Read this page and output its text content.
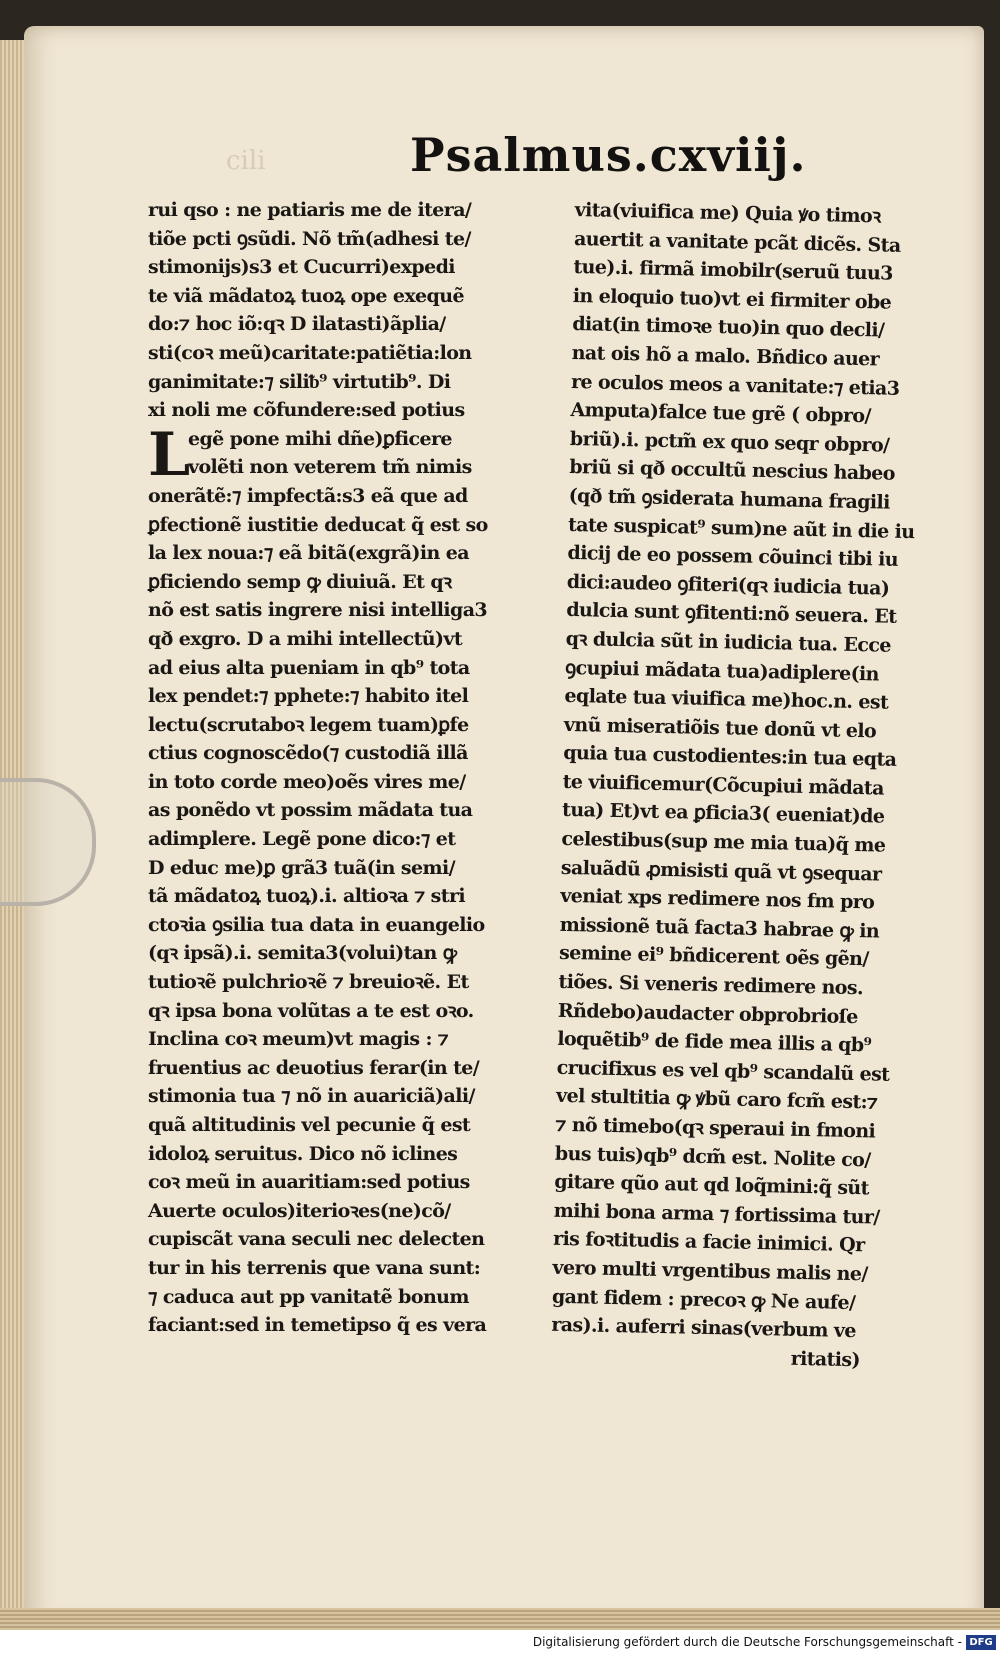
cili	Psalmus.cxviij.
rui qso : ne patiaris me de itera/
tiõe pcti ꝯsũdi. Nõ tm̃(adhesi te/
stimonijs)s3 et Cucurri)expedi
te viã mãdatoꝝ tuoꝝ ope exequẽ
do:⁊ hoc iõ:qꝛ D ilatasti)ãplia/
sti(coꝛ meũ)caritate:patiẽtia:lon
ganimitate:⁊ siliᵬ⁹ virtutib⁹. Di
xi noli me cõfundere:sed potius
L
egẽ pone mihi dñe)ꝑficere
volẽti non veterem tm̃ nimis
onerãtẽ:⁊ impfectã:s3 eã que ad
ꝑfectionẽ iustitie deducat q̃ est so
la lex noua:⁊ eã bitã(exgrã)in ea
ꝑficiendo semp ꝙ diuiuã. Et qꝛ
nõ est satis ingrere nisi intelliga3
qð exgro. D a mihi intellectũ)vt
ad eius alta pueniam in qb⁹ tota
lex pendet:⁊ pphete:⁊ habito itel
lectu(scrutaboꝛ legem tuam)ꝑfe
ctius cognoscẽdo(⁊ custodiã illã
in toto corde meo)oẽs vires me/
as ponẽdo vt possim mãdata tua
adimplere. Legẽ pone dico:⁊ et
D educ me)ꝑ grã3 tuã(in semi/
tã mãdatoꝝ tuoꝝ).i. altioꝛa ⁊ stri
ctoꝛia ꝯsilia tua data in euangelio
(qꝛ ipsã).i. semita3(volui)tan ꝙ
tutioꝛẽ pulchrioꝛẽ ⁊ breuioꝛẽ. Et
qꝛ ipsa bona volũtas a te est oꝛo.
Inclina coꝛ meum)vt magis : ⁊
fruentius ac deuotius ferar(in te/
stimonia tua ⁊ nõ in auariciã)ali/
quã altitudinis vel pecunie q̃ est
idoloꝝ seruitus. Dico nõ iclines
coꝛ meũ in auaritiam:sed potius
Auerte oculos)iterioꝛes(ne)cõ/
cupiscãt vana seculi nec delecten
tur in his terrenis que vana sunt:
⁊ caduca aut pp vanitatẽ bonum
faciant:sed in temetipso q̃ es vera
vita(viuifica me) Quia ꝟo timoꝛ
auertit a vanitate pcãt dicẽs. Sta
tue).i. firmã imobilr(seruũ tuu3
in eloquio tuo)vt ei firmiter obe
diat(in timoꝛe tuo)in quo decli/
nat ois hõ a malo. Bñdico auer
re oculos meos a vanitate:⁊ etia3
Amputa)falce tue grẽ ( obpro/
briũ).i. pctm̃ ex quo seqr obpro/
briũ si qð occultũ nescius habeo
(qð tm̃ ꝯsiderata humana fragili
tate suspicat⁹ sum)ne aũt in die iu
dicij de eo possem cõuinci tibi iu
dici:audeo ꝯfiteri(qꝛ iudicia tua)
dulcia sunt ꝯfitenti:nõ seuera. Et
qꝛ dulcia sũt in iudicia tua. Ecce
ꝯcupiui mãdata tua)adiplere(in
eqlate tua viuifica me)hoc.n. est
vnũ miseratiõis tue donũ vt elo
quia tua custodientes:in tua eqta
te viuificemur(Cõcupiui mãdata
tua) Et)vt ea ꝑficia3( eueniat)de
celestibus(sup me mia tua)q̃ me
saluãdũ ꝓmisisti quã vt ꝯsequar
veniat xps redimere nos fm pro
missionẽ tuã facta3 habrae ꝙ in
semine ei⁹ bñdicerent oẽs gẽn/
tiões. Si veneris redimere nos.
Rñdebo)audacter obprobrioſe
loquẽtib⁹ de fide mea illis a qb⁹
crucifixus es vel qb⁹ scandalũ est
vel stultitia ꝙ ꝟbũ caro fcm̃ est:⁊
⁊ nõ timebo(qꝛ speraui in fmoni
bus tuis)qb⁹ dcm̃ est. Nolite co/
gitare qũo aut qd loq̃mini:q̃ sũt
mihi bona arma ⁊ fortissima tur/
ris foꝛtitudis a facie inimici. Qr
vero multi vrgentibus malis ne/
gant fidem : precoꝛ ꝙ Ne aufe/
ras).i. auferri sinas(verbum ve
ritatis)
Digitalisierung gefördert durch die Deutsche Forschungsgemeinschaft - DFG
